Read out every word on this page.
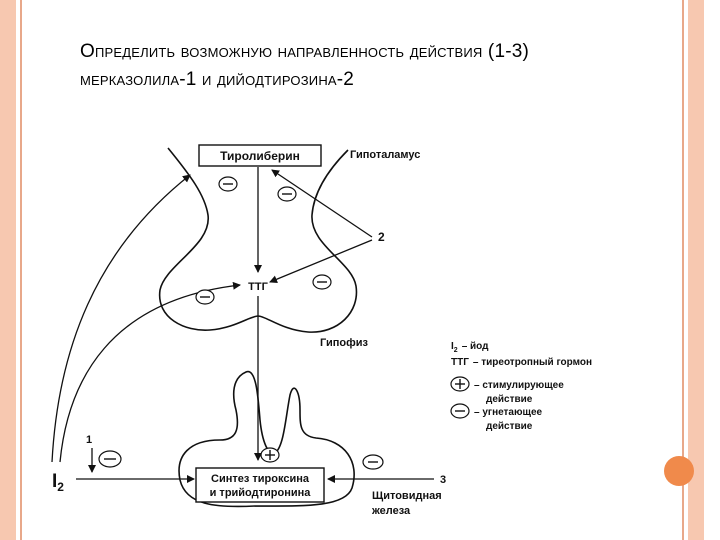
Определить возможную направленность действия (1-3) мерказолила-1 и дийодтирозина-2
Тиролиберин
Синтез тироксина
и трийодтиронина
ТТГ
Гипоталамус
Гипофиз
Щитовидная
железа
2
1
$I_2$	3
$I_2$ – йод
ТТГ – тиреотропный гормон
– стимулирующее
действие
– угнетающее
действие
